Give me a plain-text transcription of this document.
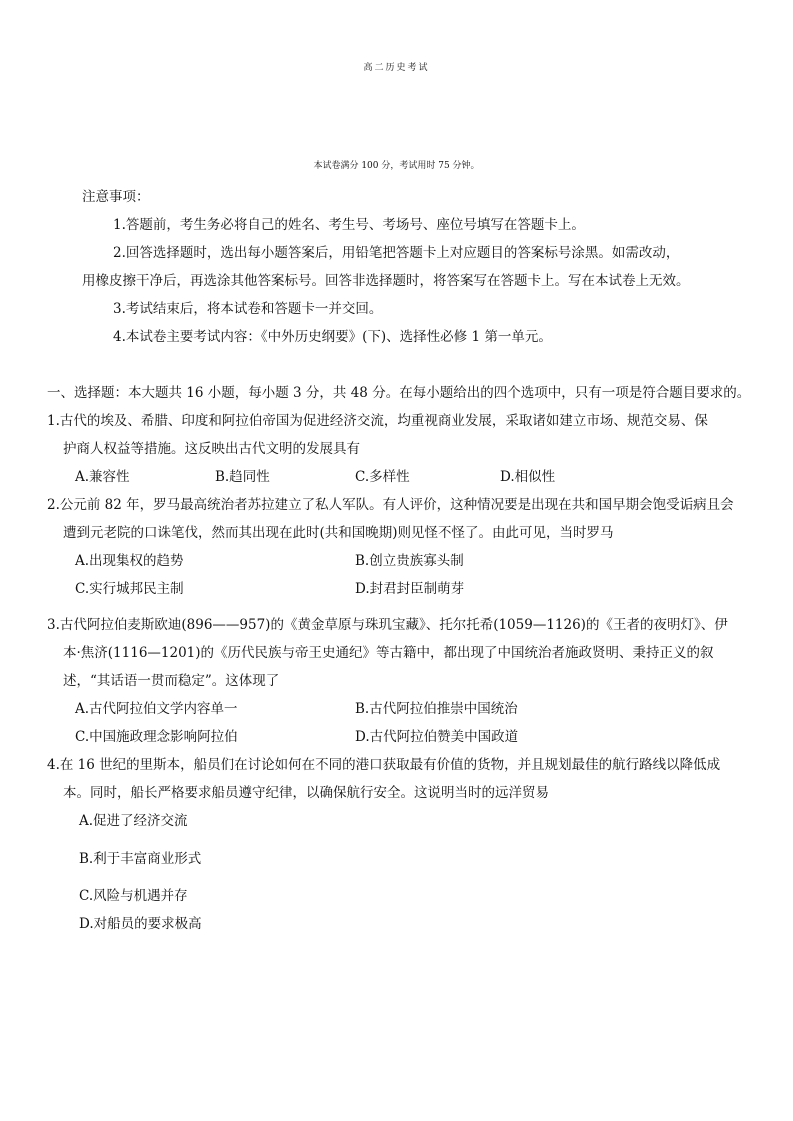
高二历史考试
本试卷满分 100 分，考试用时 75 分钟。
注意事项：
1.答题前，考生务必将自己的姓名、考生号、考场号、座位号填写在答题卡上。
2.回答选择题时，选出每小题答案后，用铅笔把答题卡上对应题目的答案标号涂黑。如需改动，
用橡皮擦干净后，再选涂其他答案标号。回答非选择题时，将答案写在答题卡上。写在本试卷上无效。
3.考试结束后，将本试卷和答题卡一并交回。
4.本试卷主要考试内容：《中外历史纲要》(下)、选择性必修 1 第一单元。
一、选择题：本大题共 16 小题，每小题 3 分，共 48 分。在每小题给出的四个选项中，只有一项是符合题目要求的。
1.古代的埃及、希腊、印度和阿拉伯帝国为促进经济交流，均重视商业发展，采取诸如建立市场、规范交易、保
护商人权益等措施。这反映出古代文明的发展具有
A.兼容性	B.趋同性	C.多样性	D.相似性
2.公元前 82 年，罗马最高统治者苏拉建立了私人军队。有人评价，这种情况要是出现在共和国早期会饱受诟病且会
遭到元老院的口诛笔伐，然而其出现在此时(共和国晚期)则见怪不怪了。由此可见，当时罗马
A.出现集权的趋势	B.创立贵族寡头制
C.实行城邦民主制	D.封君封臣制萌芽
3.古代阿拉伯麦斯欧迪(896——957)的《黄金草原与珠玑宝藏》、托尔托希(1059—1126)的《王者的夜明灯》、伊
本·焦济(1116—1201)的《历代民族与帝王史通纪》等古籍中，都出现了中国统治者施政贤明、秉持正义的叙
述，“其话语一贯而稳定”。这体现了
A.古代阿拉伯文学内容单一	B.古代阿拉伯推崇中国统治
C.中国施政理念影响阿拉伯	D.古代阿拉伯赞美中国政道
4.在 16 世纪的里斯本，船员们在讨论如何在不同的港口获取最有价值的货物，并且规划最佳的航行路线以降低成
本。同时，船长严格要求船员遵守纪律，以确保航行安全。这说明当时的远洋贸易
A.促进了经济交流
B.利于丰富商业形式
C.风险与机遇并存
D.对船员的要求极高
